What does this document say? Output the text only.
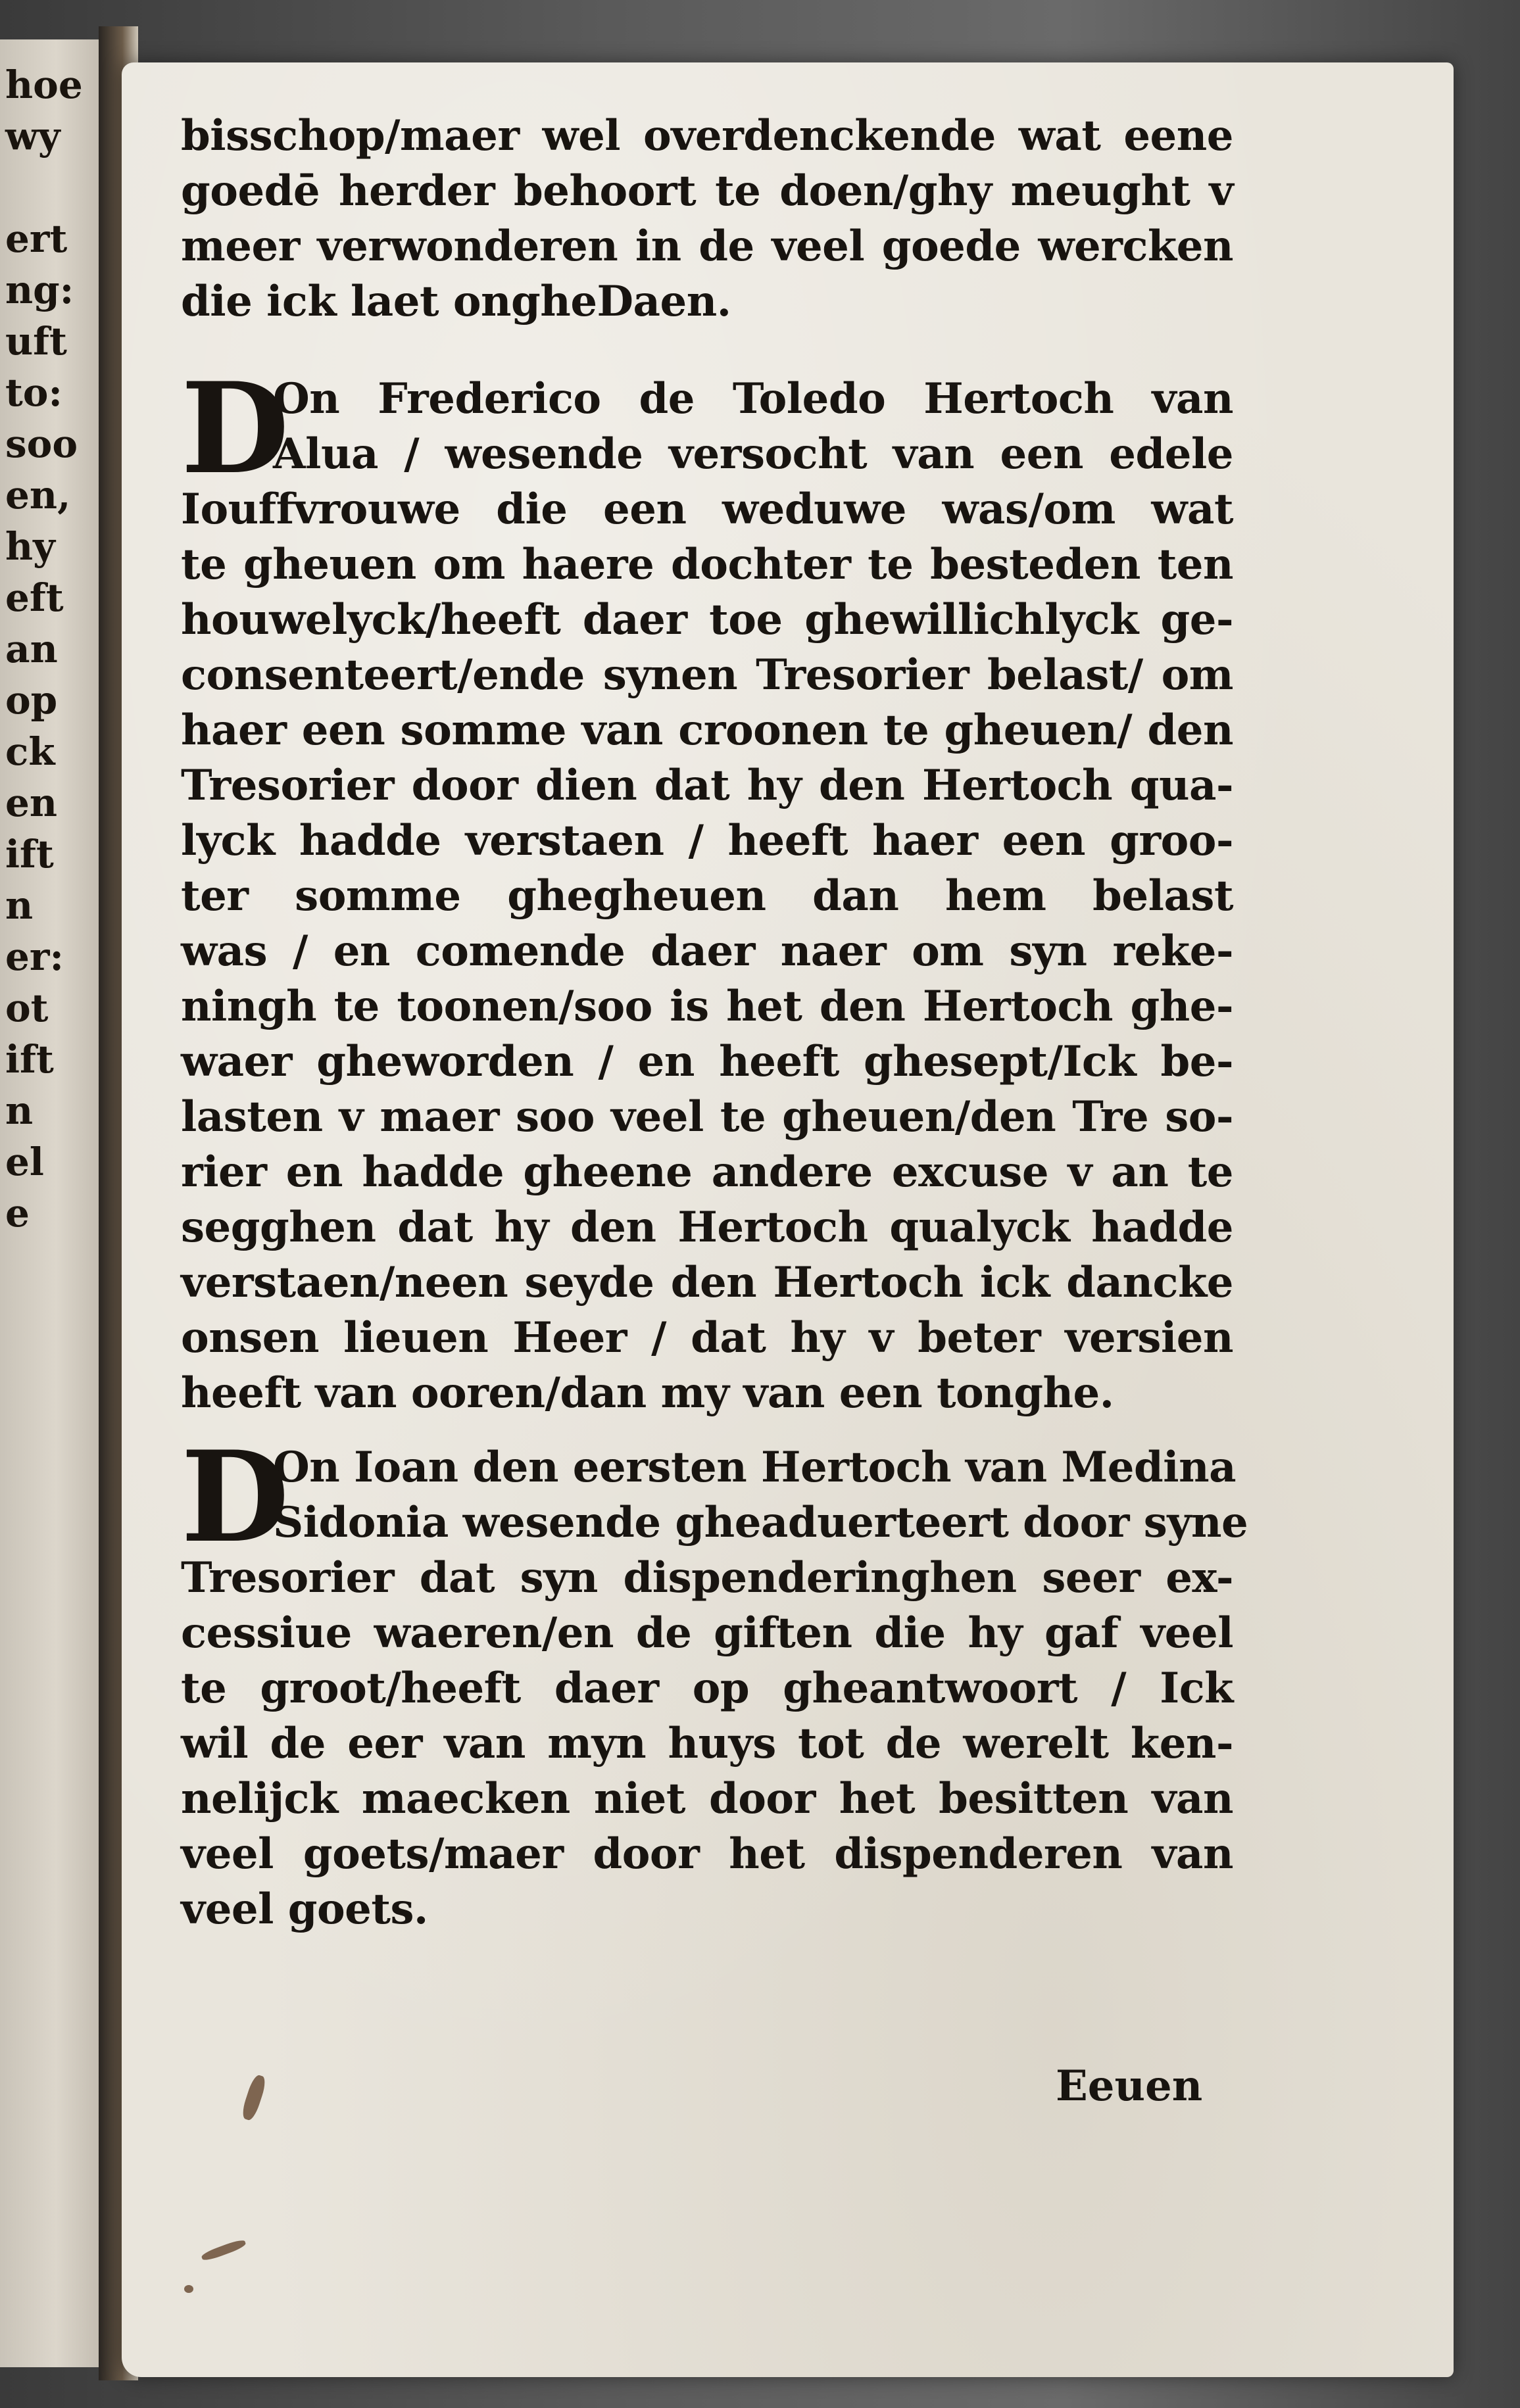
hoe
wy
ert
ng:
uft
to:
soo
en,
hy
eft
an
op
ck
en
ift
n
er:
ot
ift
n
el
e
bisschop/maer wel overdenckende wat eene
goedē herder behoort te doen/ghy meught v
meer verwonderen in de veel goede wercken
die ick laet ongheDaen.
D
On Frederico de Toledo Hertoch van
Alua / wesende versocht van een edele
Iouffvrouwe die een weduwe was/om wat
te gheuen om haere dochter te besteden ten
houwelyck/heeft daer toe ghewillichlyck ge-
consenteert/ende synen Tresorier belast/ om
haer een somme van croonen te gheuen/ den
Tresorier door dien dat hy den Hertoch qua-
lyck hadde verstaen / heeft haer een groo-
ter somme ghegheuen dan hem belast
was / en comende daer naer om syn reke-
ningh te toonen/soo is het den Hertoch ghe-
waer gheworden / en heeft ghesept/Ick be-
lasten v maer soo veel te gheuen/den Tre so-
rier en hadde gheene andere excuse v an te
segghen dat hy den Hertoch qualyck hadde
verstaen/neen seyde den Hertoch ick dancke
onsen lieuen Heer / dat hy v beter versien
heeft van ooren/dan my van een tonghe.
D
On Ioan den eersten Hertoch van Medina
Sidonia wesende gheaduerteert door syne
Tresorier dat syn dispenderinghen seer ex-
cessiue waeren/en de giften die hy gaf veel
te groot/heeft daer op gheantwoort / Ick
wil de eer van myn huys tot de werelt ken-
nelijck maecken niet door het besitten van
veel goets/maer door het dispenderen van
veel goets.
Eeuen
